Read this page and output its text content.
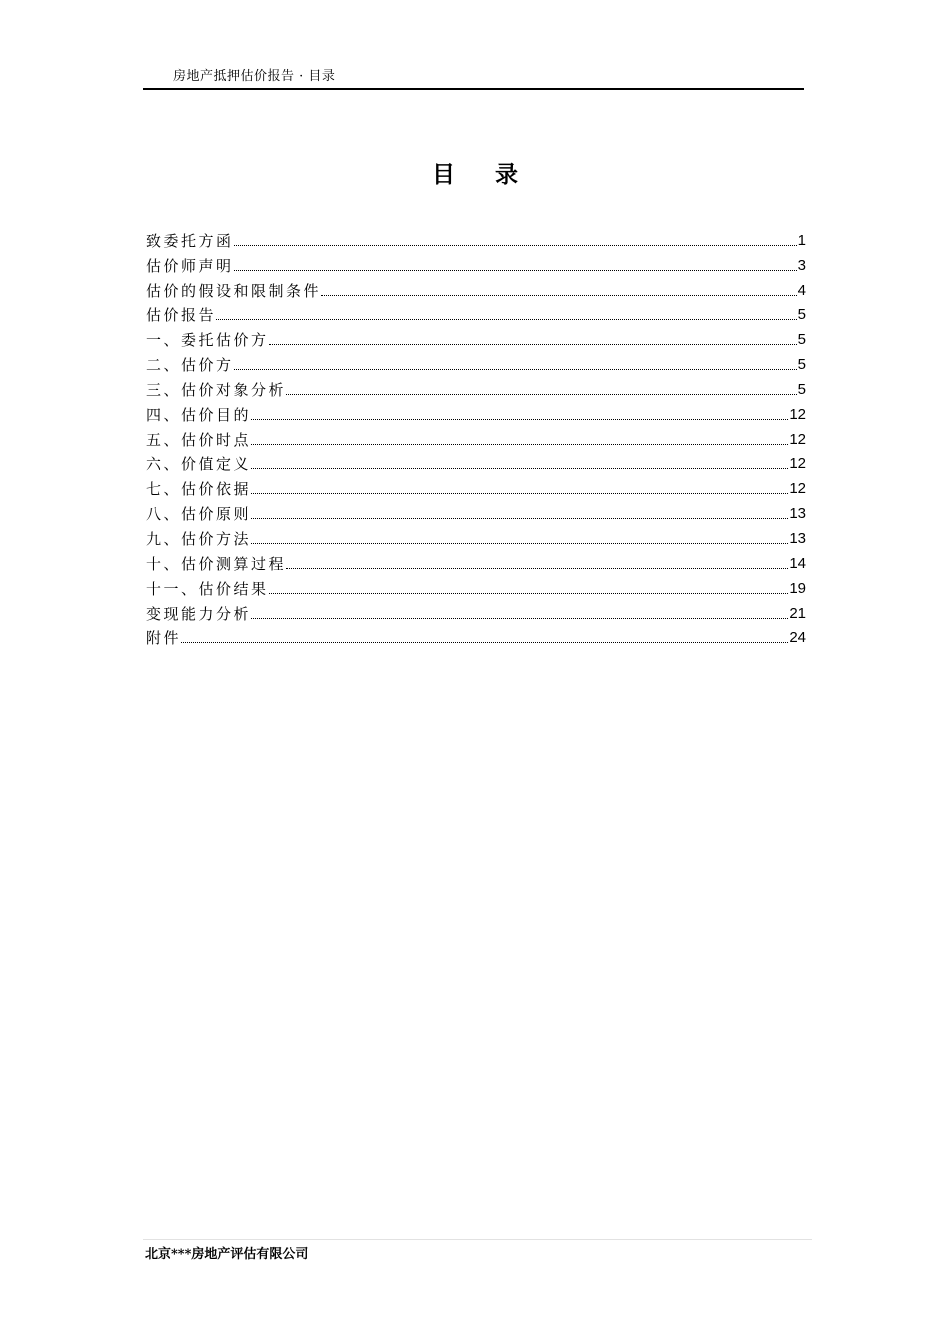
房地产抵押估价报告 · 目录
目录
致委托方函	1
估价师声明	3
估价的假设和限制条件	4
估价报告	5
一、委托估价方	5
二、估价方	5
三、估价对象分析	5
四、估价目的	12
五、估价时点	12
六、价值定义	12
七、估价依据	12
八、估价原则	13
九、估价方法	13
十、估价测算过程	14
十一、估价结果	19
变现能力分析	21
附件	24
北京***房地产评估有限公司
